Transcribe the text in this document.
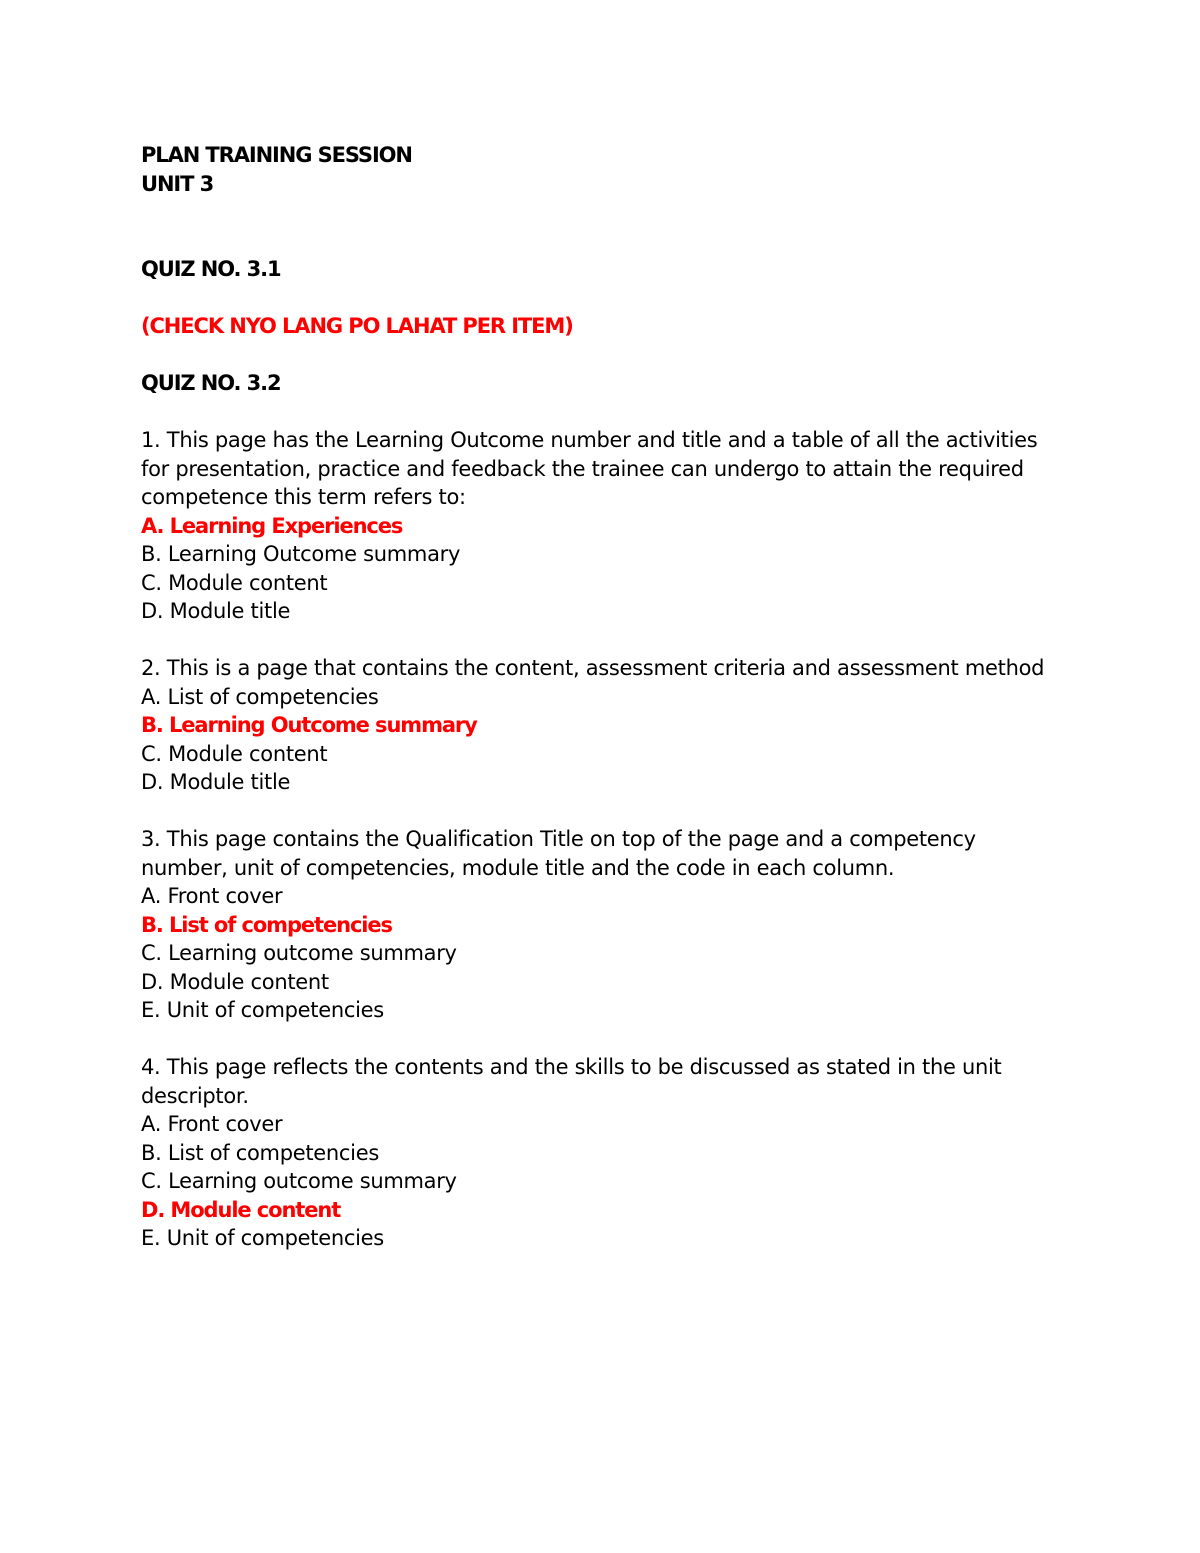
PLAN TRAINING SESSION
UNIT 3
QUIZ NO. 3.1
(CHECK NYO LANG PO LAHAT PER ITEM)
QUIZ NO. 3.2
1. This page has the Learning Outcome number and title and a table of all the activities
for presentation, practice and feedback the trainee can undergo to attain the required
competence this term refers to:
A. Learning Experiences
B. Learning Outcome summary
C. Module content
D. Module title
2. This is a page that contains the content, assessment criteria and assessment method
A. List of competencies
B. Learning Outcome summary
C. Module content
D. Module title
3. This page contains the Qualification Title on top of the page and a competency
number, unit of competencies, module title and the code in each column.
A. Front cover
B. List of competencies
C. Learning outcome summary
D. Module content
E. Unit of competencies
4. This page reflects the contents and the skills to be discussed as stated in the unit
descriptor.
A. Front cover
B. List of competencies
C. Learning outcome summary
D. Module content
E. Unit of competencies
